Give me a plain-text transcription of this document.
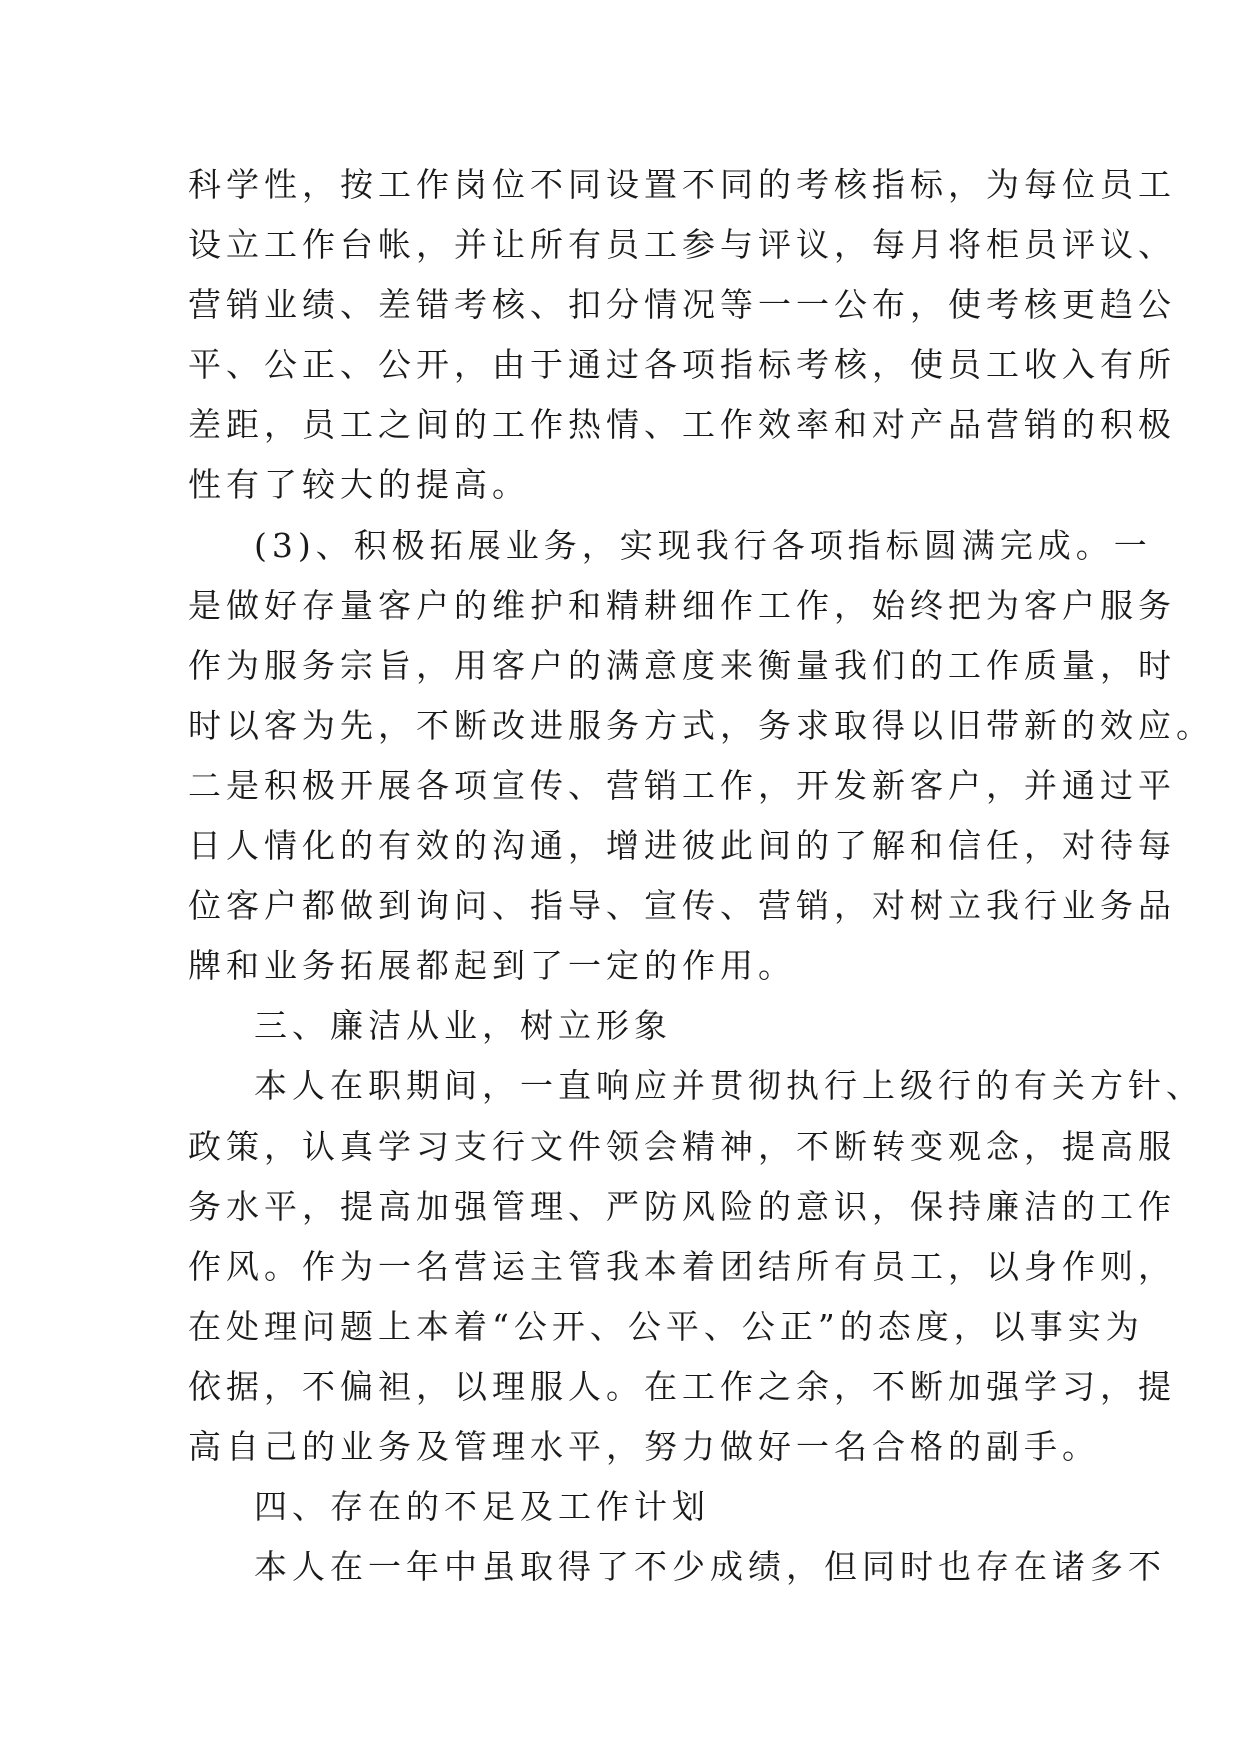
科学性，按工作岗位不同设置不同的考核指标，为每位员工
设立工作台帐，并让所有员工参与评议，每月将柜员评议、
营销业绩、差错考核、扣分情况等一一公布，使考核更趋公
平、公正、公开，由于通过各项指标考核，使员工收入有所
差距，员工之间的工作热情、工作效率和对产品营销的积极
性有了较大的提高。
(3)、积极拓展业务，实现我行各项指标圆满完成。一
是做好存量客户的维护和精耕细作工作，始终把为客户服务
作为服务宗旨，用客户的满意度来衡量我们的工作质量，时
时以客为先，不断改进服务方式，务求取得以旧带新的效应。
二是积极开展各项宣传、营销工作，开发新客户，并通过平
日人情化的有效的沟通，增进彼此间的了解和信任，对待每
位客户都做到询问、指导、宣传、营销，对树立我行业务品
牌和业务拓展都起到了一定的作用。
三、廉洁从业，树立形象
本人在职期间，一直响应并贯彻执行上级行的有关方针、
政策，认真学习支行文件领会精神，不断转变观念，提高服
务水平，提高加强管理、严防风险的意识，保持廉洁的工作
作风。作为一名营运主管我本着团结所有员工，以身作则，
在处理问题上本着“公开、公平、公正”的态度，以事实为
依据，不偏袒，以理服人。在工作之余，不断加强学习，提
高自己的业务及管理水平，努力做好一名合格的副手。
四、存在的不足及工作计划
本人在一年中虽取得了不少成绩，但同时也存在诸多不
